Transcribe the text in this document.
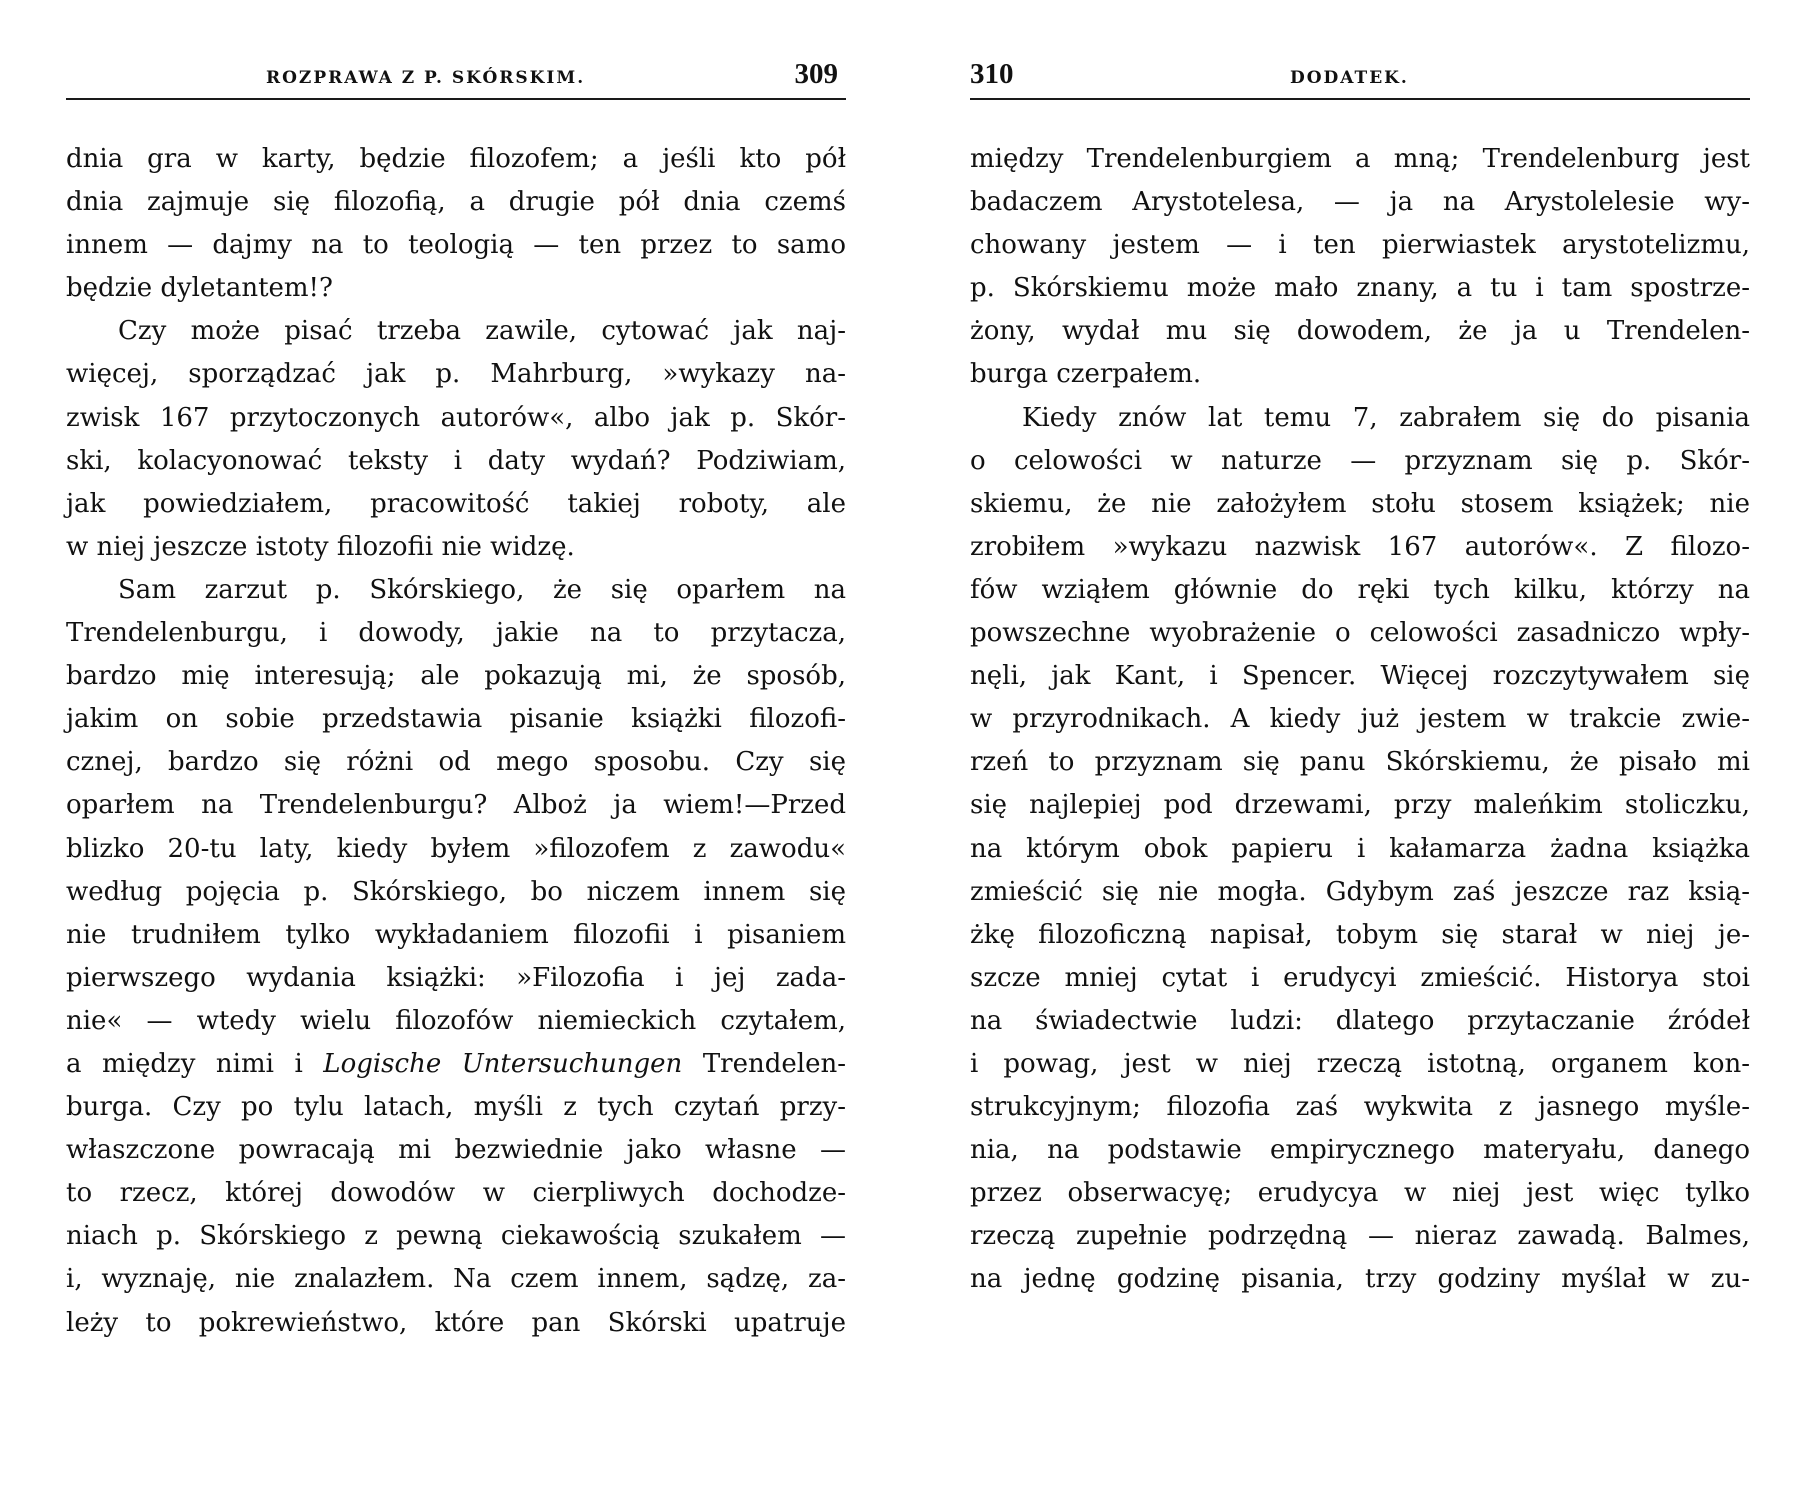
ROZPRAWA Z P. SKÓRSKIM.	309
dnia gra w karty, będzie filozofem; a jeśli kto pół
dnia zajmuje się filozofią, a drugie pół dnia czemś
innem — dajmy na to teologią — ten przez to samo
będzie dyletantem!?
Czy może pisać trzeba zawile, cytować jak naj-
więcej, sporządzać jak p. Mahrburg, »wykazy na-
zwisk 167 przytoczonych autorów«, albo jak p. Skór-
ski, kolacyonować teksty i daty wydań? Podziwiam,
jak powiedziałem, pracowitość takiej roboty, ale
w niej jeszcze istoty filozofii nie widzę.
Sam zarzut p. Skórskiego, że się oparłem na
Trendelenburgu, i dowody, jakie na to przytacza,
bardzo mię interesują; ale pokazują mi, że sposób,
jakim on sobie przedstawia pisanie książki filozofi-
cznej, bardzo się różni od mego sposobu. Czy się
oparłem na Trendelenburgu? Alboż ja wiem!—Przed
blizko 20-tu laty, kiedy byłem »filozofem z zawodu«
według pojęcia p. Skórskiego, bo niczem innem się
nie trudniłem tylko wykładaniem filozofii i pisaniem
pierwszego wydania książki: »Filozofia i jej zada-
nie« — wtedy wielu filozofów niemieckich czytałem,
a między nimi i Logische Untersuchungen Trendelen-
burga. Czy po tylu latach, myśli z tych czytań przy-
właszczone powracają mi bezwiednie jako własne —
to rzecz, której dowodów w cierpliwych dochodze-
niach p. Skórskiego z pewną ciekawością szukałem —
i, wyznaję, nie znalazłem. Na czem innem, sądzę, za-
leży to pokrewieństwo, które pan Skórski upatruje
310	DODATEK.
między Trendelenburgiem a mną; Trendelenburg jest
badaczem Arystotelesa, — ja na Arystolelesie wy-
chowany jestem — i ten pierwiastek arystotelizmu,
p. Skórskiemu może mało znany, a tu i tam spostrze-
żony, wydał mu się dowodem, że ja u Trendelen-
burga czerpałem.
Kiedy znów lat temu 7, zabrałem się do pisania
o celowości w naturze — przyznam się p. Skór-
skiemu, że nie założyłem stołu stosem książek; nie
zrobiłem »wykazu nazwisk 167 autorów«. Z filozo-
fów wziąłem głównie do ręki tych kilku, którzy na
powszechne wyobrażenie o celowości zasadniczo wpły-
nęli, jak Kant, i Spencer. Więcej rozczytywałem się
w przyrodnikach. A kiedy już jestem w trakcie zwie-
rzeń to przyznam się panu Skórskiemu, że pisało mi
się najlepiej pod drzewami, przy maleńkim stoliczku,
na którym obok papieru i kałamarza żadna książka
zmieścić się nie mogła. Gdybym zaś jeszcze raz ksią-
żkę filozoficzną napisał, tobym się starał w niej je-
szcze mniej cytat i erudycyi zmieścić. Historya stoi
na świadectwie ludzi: dlatego przytaczanie źródeł
i powag, jest w niej rzeczą istotną, organem kon-
strukcyjnym; filozofia zaś wykwita z jasnego myśle-
nia, na podstawie empirycznego materyału, danego
przez obserwacyę; erudycya w niej jest więc tylko
rzeczą zupełnie podrzędną — nieraz zawadą. Balmes,
na jednę godzinę pisania, trzy godziny myślał w zu-
